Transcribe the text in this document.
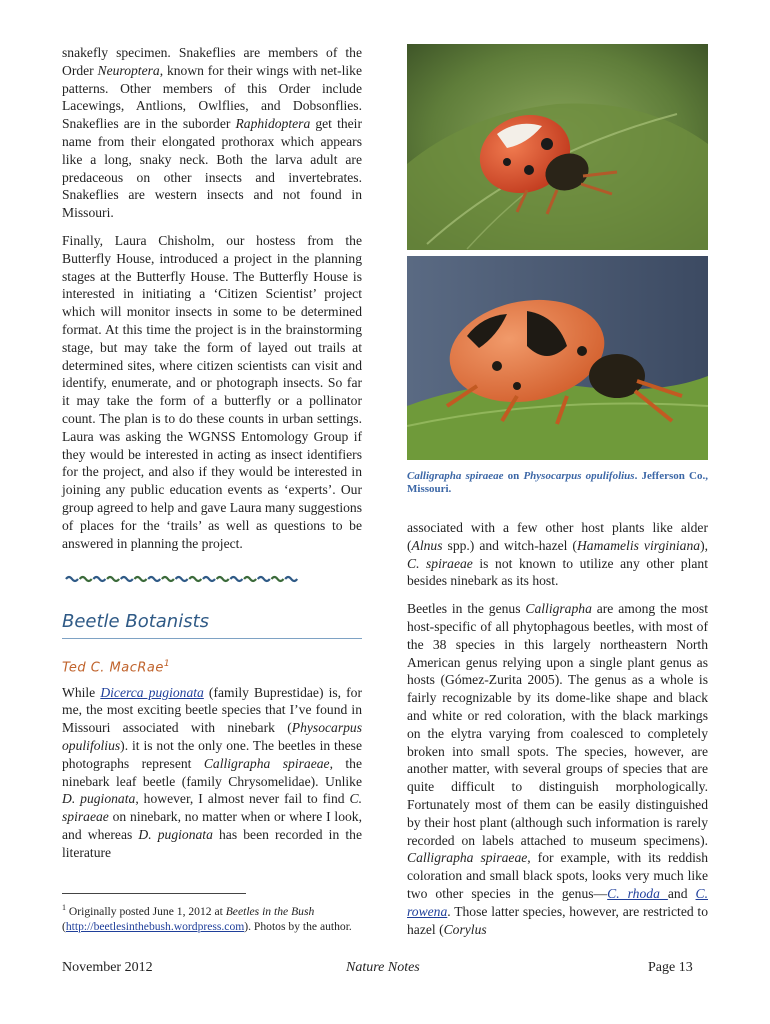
snakefly specimen. Snakeflies are members of the Order Neuroptera, known for their wings with net-like patterns. Other members of this Order include Lacewings, Antlions, Owlflies, and Dobsonflies. Snakeflies are in the suborder Raphidoptera get their name from their elongated prothorax which appears like a long, snaky neck. Both the larva adult are predaceous on other insects and invertebrates. Snakeflies are western insects and not found in Missouri.

Finally, Laura Chisholm, our hostess from the Butterfly House, introduced a project in the planning stages at the Butterfly House. The Butterfly House is interested in initiating a ‘Citizen Scientist’ project which will monitor insects in some to be determined format. At this time the project is in the brainstorming stage, but may take the form of layed out trails at determined sites, where citizen scientists can visit and identify, enumerate, and or photograph insects. So far it may take the form of a butterfly or a pollinator count. The plan is to do these counts in urban settings. Laura was asking the WGNSS Entomology Group if they would be interested in acting as insect identifiers for the project, and also if they would be interested in joining any public education events as ‘experts’. Our group agreed to help and gave Laura many suggestions of places for the ‘trails’ as well as questions to be answered in planning the project.

Beetle Botanists
Ted C. MacRae$^1$

While Dicerca pugionata (family Buprestidae) is, for me, the most exciting beetle species that I’ve found in Missouri associated with ninebark (Physocarpus opulifolius). it is not the only one. The beetles in these photographs represent Calligrapha spiraeae, the ninebark leaf beetle (family Chrysomelidae). Unlike D. pugionata, however, I almost never fail to find C. spiraeae on ninebark, no matter when or where I look, and whereas D. pugionata has been recorded in the literature

$^1$ Originally posted June 1, 2012 at Beetles in the Bush (http://beetlesinthebush.wordpress.com). Photos by the author.
Calligrapha spiraeae on Physocarpus opulifolius. Jefferson Co., Missouri.

associated with a few other host plants like alder (Alnus spp.) and witch-hazel (Hamamelis virginiana), C. spiraeae is not known to utilize any other plant besides ninebark as its host.

Beetles in the genus Calligrapha are among the most host-specific of all phytophagous beetles, with most of the 38 species in this largely northeastern North American genus relying upon a single plant genus as hosts (Gómez-Zurita 2005). The genus as a whole is fairly recognizable by its dome-like shape and black and white or red coloration, with the black markings on the elytra varying from coalesced to completely broken into small spots. The species, however, are another matter, with several groups of species that are quite difficult to distinguish morphologically. Fortunately most of them can be easily distinguished by their host plant (although such information is rarely recorded on labels attached to museum specimens). Calligrapha spiraeae, for example, with its reddish coloration and small black spots, looks very much like two other species in the genus—C. rhoda and C. rowena. Those latter species, however, are restricted to hazel (Corylus

November 2012	Nature Notes	Page 13
